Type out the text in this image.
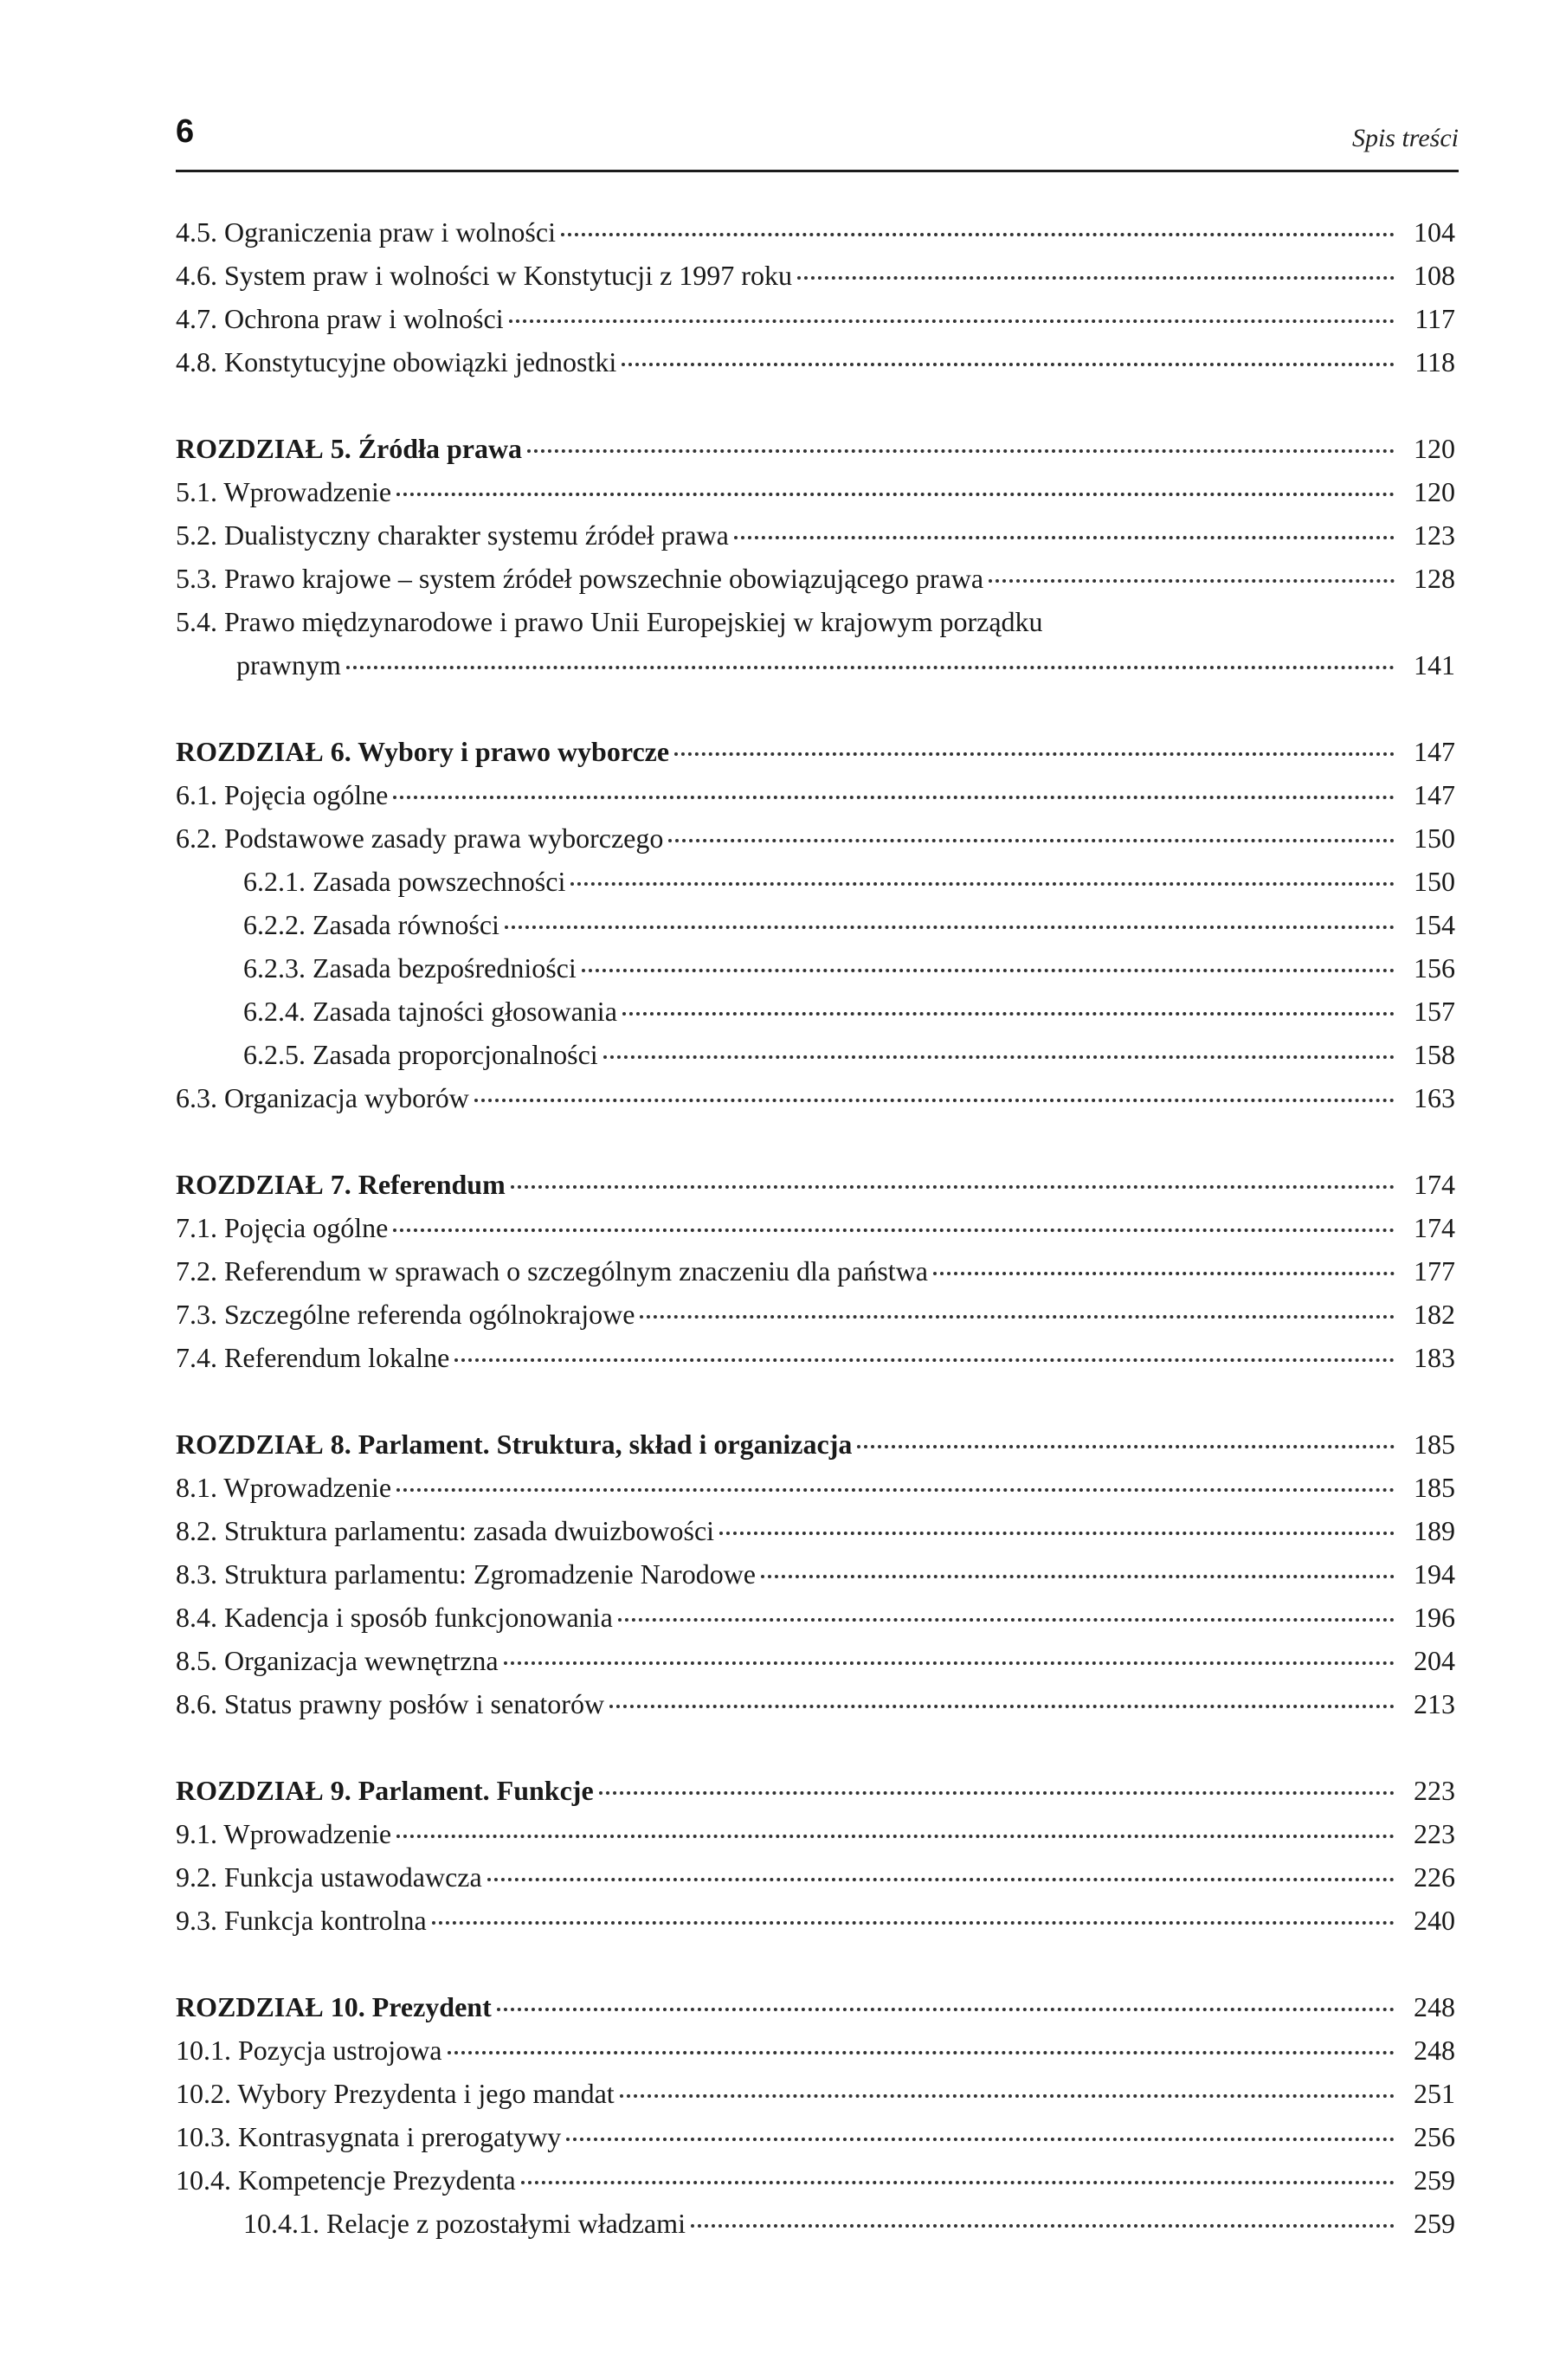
6	Spis treści
4.5. Ograniczenia praw i wolności	104
4.6. System praw i wolności w Konstytucji z 1997 roku	108
4.7. Ochrona praw i wolności	117
4.8. Konstytucyjne obowiązki jednostki	118
ROZDZIAŁ 5. Źródła prawa	120
5.1. Wprowadzenie	120
5.2. Dualistyczny charakter systemu źródeł prawa	123
5.3. Prawo krajowe – system źródeł powszechnie obowiązującego prawa	128
5.4. Prawo międzynarodowe i prawo Unii Europejskiej w krajowym porządku
prawnym	141
ROZDZIAŁ 6. Wybory i prawo wyborcze	147
6.1. Pojęcia ogólne	147
6.2. Podstawowe zasady prawa wyborczego	150
6.2.1. Zasada powszechności	150
6.2.2. Zasada równości	154
6.2.3. Zasada bezpośredniości	156
6.2.4. Zasada tajności głosowania	157
6.2.5. Zasada proporcjonalności	158
6.3. Organizacja wyborów	163
ROZDZIAŁ 7. Referendum	174
7.1. Pojęcia ogólne	174
7.2. Referendum w sprawach o szczególnym znaczeniu dla państwa	177
7.3. Szczególne referenda ogólnokrajowe	182
7.4. Referendum lokalne	183
ROZDZIAŁ 8. Parlament. Struktura, skład i organizacja	185
8.1. Wprowadzenie	185
8.2. Struktura parlamentu: zasada dwuizbowości	189
8.3. Struktura parlamentu: Zgromadzenie Narodowe	194
8.4. Kadencja i sposób funkcjonowania	196
8.5. Organizacja wewnętrzna	204
8.6. Status prawny posłów i senatorów	213
ROZDZIAŁ 9. Parlament. Funkcje	223
9.1. Wprowadzenie	223
9.2. Funkcja ustawodawcza	226
9.3. Funkcja kontrolna	240
ROZDZIAŁ 10. Prezydent	248
10.1. Pozycja ustrojowa	248
10.2. Wybory Prezydenta i jego mandat	251
10.3. Kontrasygnata i prerogatywy	256
10.4. Kompetencje Prezydenta	259
10.4.1. Relacje z pozostałymi władzami	259
